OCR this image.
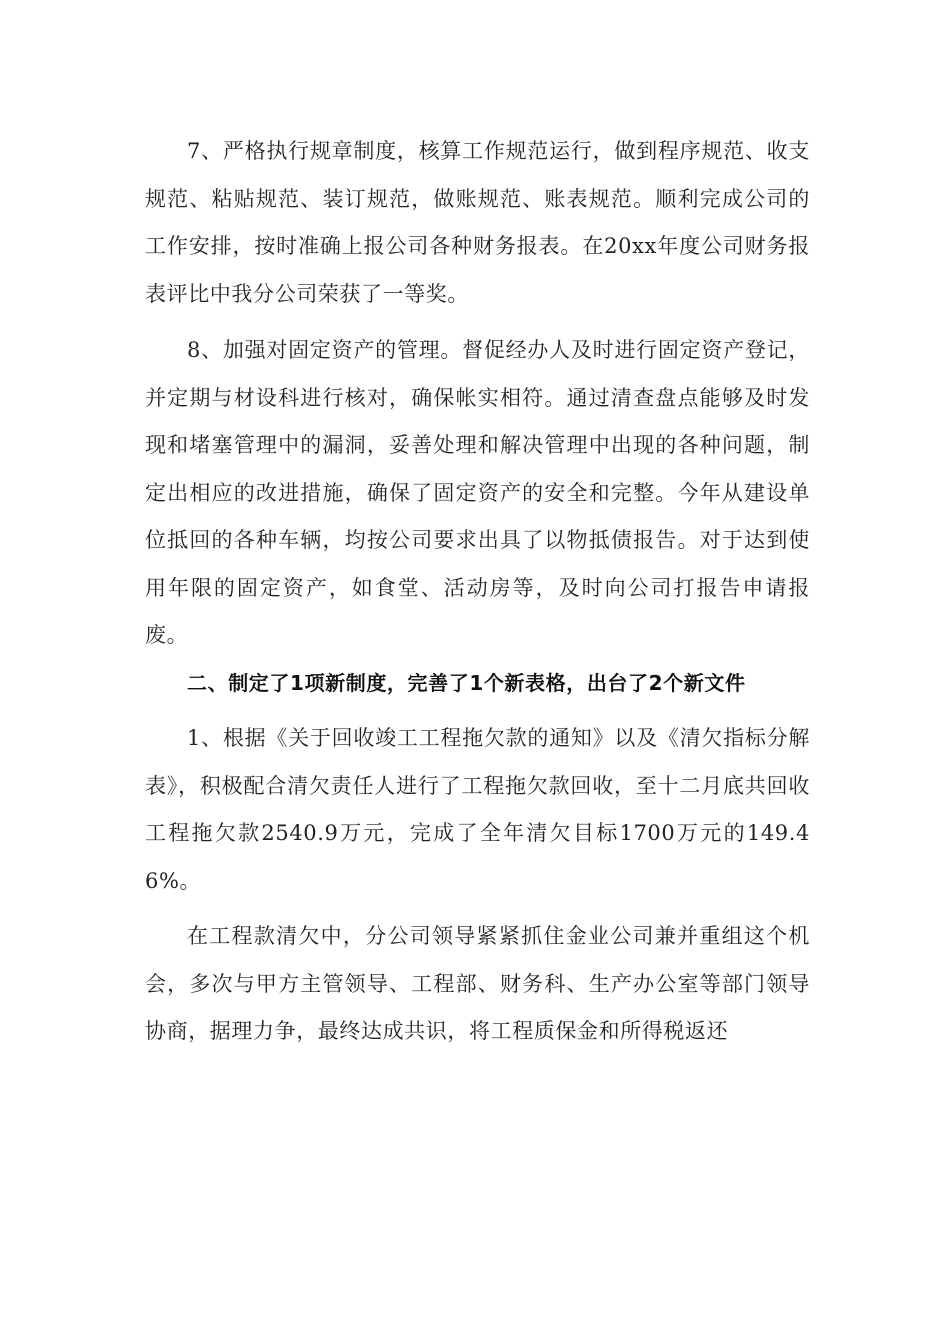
7、严格执行规章制度，核算工作规范运行，做到程序规范、收支规范、粘贴规范、装订规范，做账规范、账表规范。顺利完成公司的工作安排，按时准确上报公司各种财务报表。在20xx年度公司财务报表评比中我分公司荣获了一等奖。

8、加强对固定资产的管理。督促经办人及时进行固定资产登记，并定期与材设科进行核对，确保帐实相符。通过清查盘点能够及时发现和堵塞管理中的漏洞，妥善处理和解决管理中出现的各种问题，制定出相应的改进措施，确保了固定资产的安全和完整。今年从建设单位抵回的各种车辆，均按公司要求出具了以物抵债报告。对于达到使用年限的固定资产，如食堂、活动房等，及时向公司打报告申请报废。

二、制定了1项新制度，完善了1个新表格，出台了2个新文件

1、根据《关于回收竣工工程拖欠款的通知》以及《清欠指标分解表》，积极配合清欠责任人进行了工程拖欠款回收，至十二月底共回收工程拖欠款2540.9万元，完成了全年清欠目标1700万元的149.46%。

在工程款清欠中，分公司领导紧紧抓住金业公司兼并重组这个机会，多次与甲方主管领导、工程部、财务科、生产办公室等部门领导协商，据理力争，最终达成共识，将工程质保金和所得税返还
